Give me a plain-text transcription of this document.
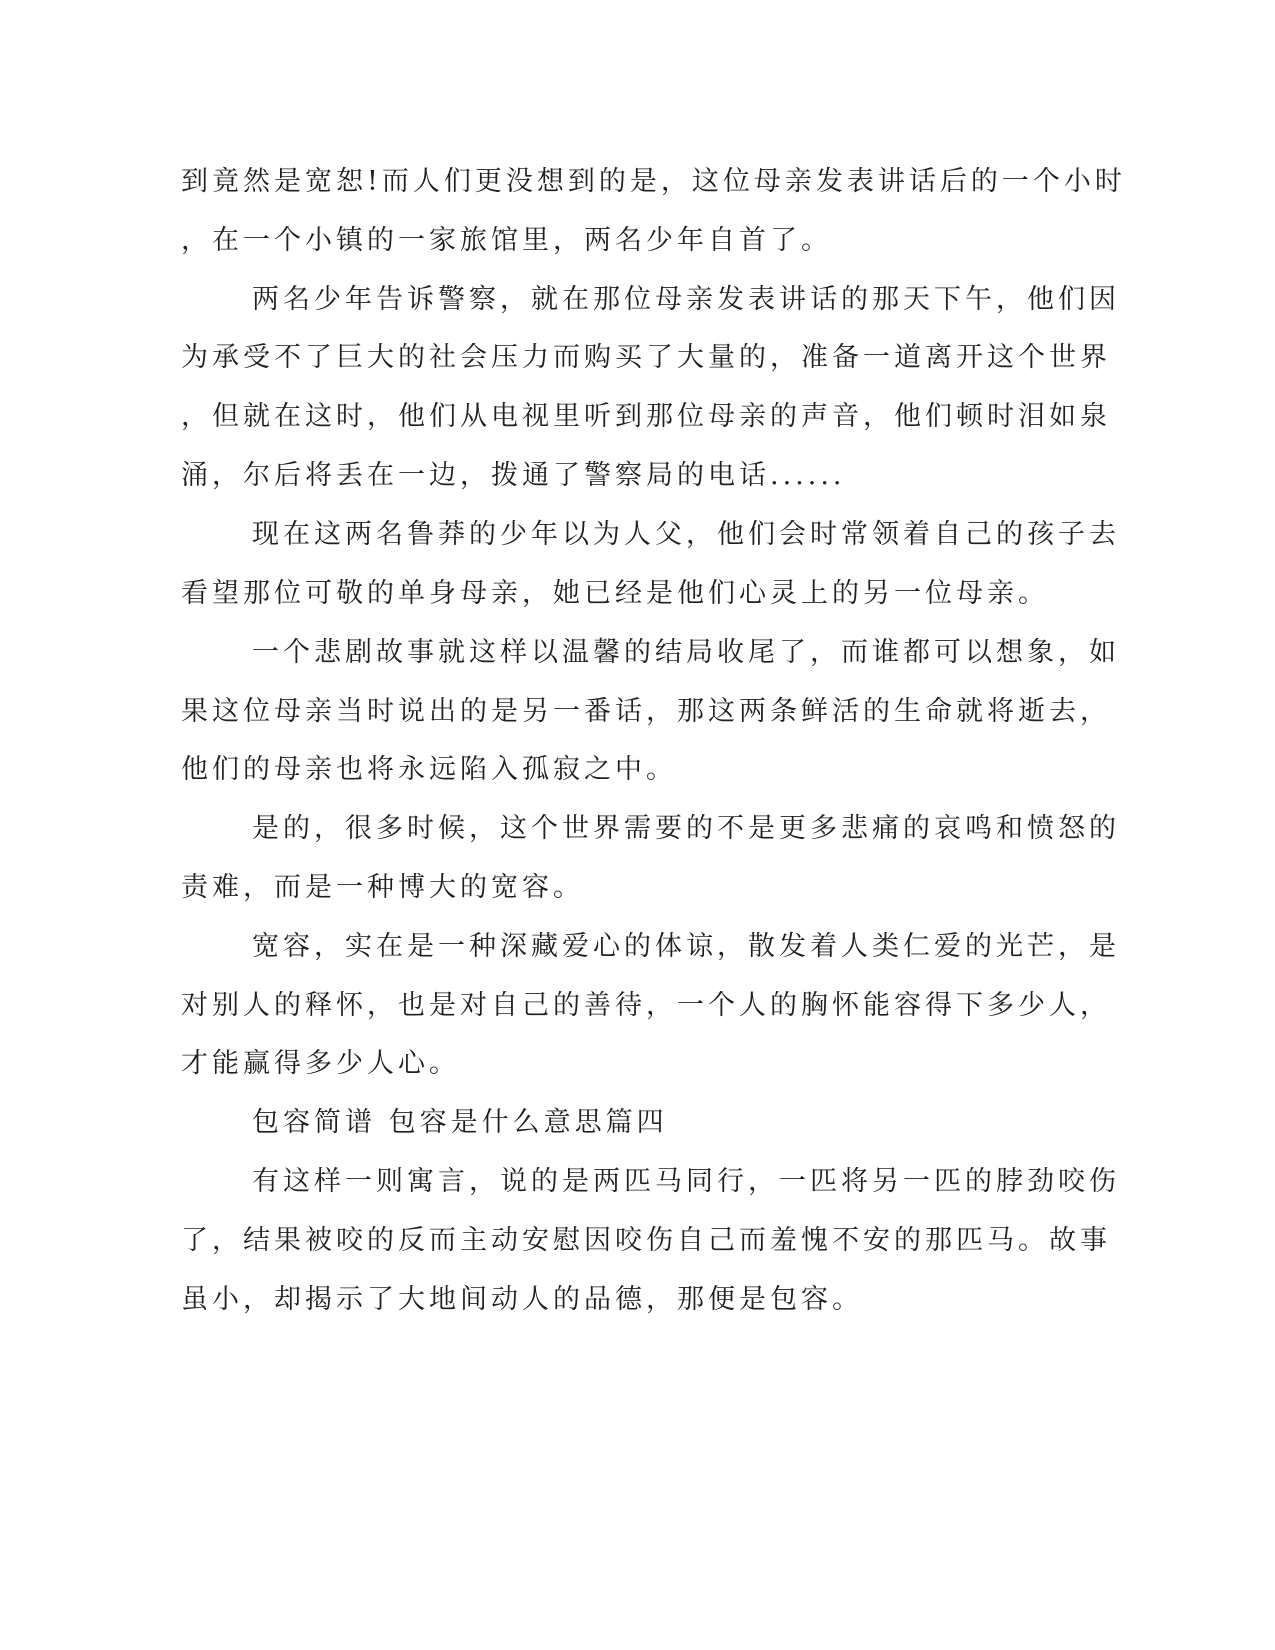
到竟然是宽恕!而人们更没想到的是，这位母亲发表讲话后的一个小时
，在一个小镇的一家旅馆里，两名少年自首了。
两名少年告诉警察，就在那位母亲发表讲话的那天下午，他们因
为承受不了巨大的社会压力而购买了大量的，准备一道离开这个世界
，但就在这时，他们从电视里听到那位母亲的声音，他们顿时泪如泉
涌，尔后将丢在一边，拨通了警察局的电话......
现在这两名鲁莽的少年以为人父，他们会时常领着自己的孩子去
看望那位可敬的单身母亲，她已经是他们心灵上的另一位母亲。
一个悲剧故事就这样以温馨的结局收尾了，而谁都可以想象，如
果这位母亲当时说出的是另一番话，那这两条鲜活的生命就将逝去，
他们的母亲也将永远陷入孤寂之中。
是的，很多时候，这个世界需要的不是更多悲痛的哀鸣和愤怒的
责难，而是一种博大的宽容。
宽容，实在是一种深藏爱心的体谅，散发着人类仁爱的光芒，是
对别人的释怀，也是对自己的善待，一个人的胸怀能容得下多少人，
才能赢得多少人心。
包容简谱 包容是什么意思篇四
有这样一则寓言，说的是两匹马同行，一匹将另一匹的脖劲咬伤
了，结果被咬的反而主动安慰因咬伤自己而羞愧不安的那匹马。故事
虽小，却揭示了大地间动人的品德，那便是包容。
